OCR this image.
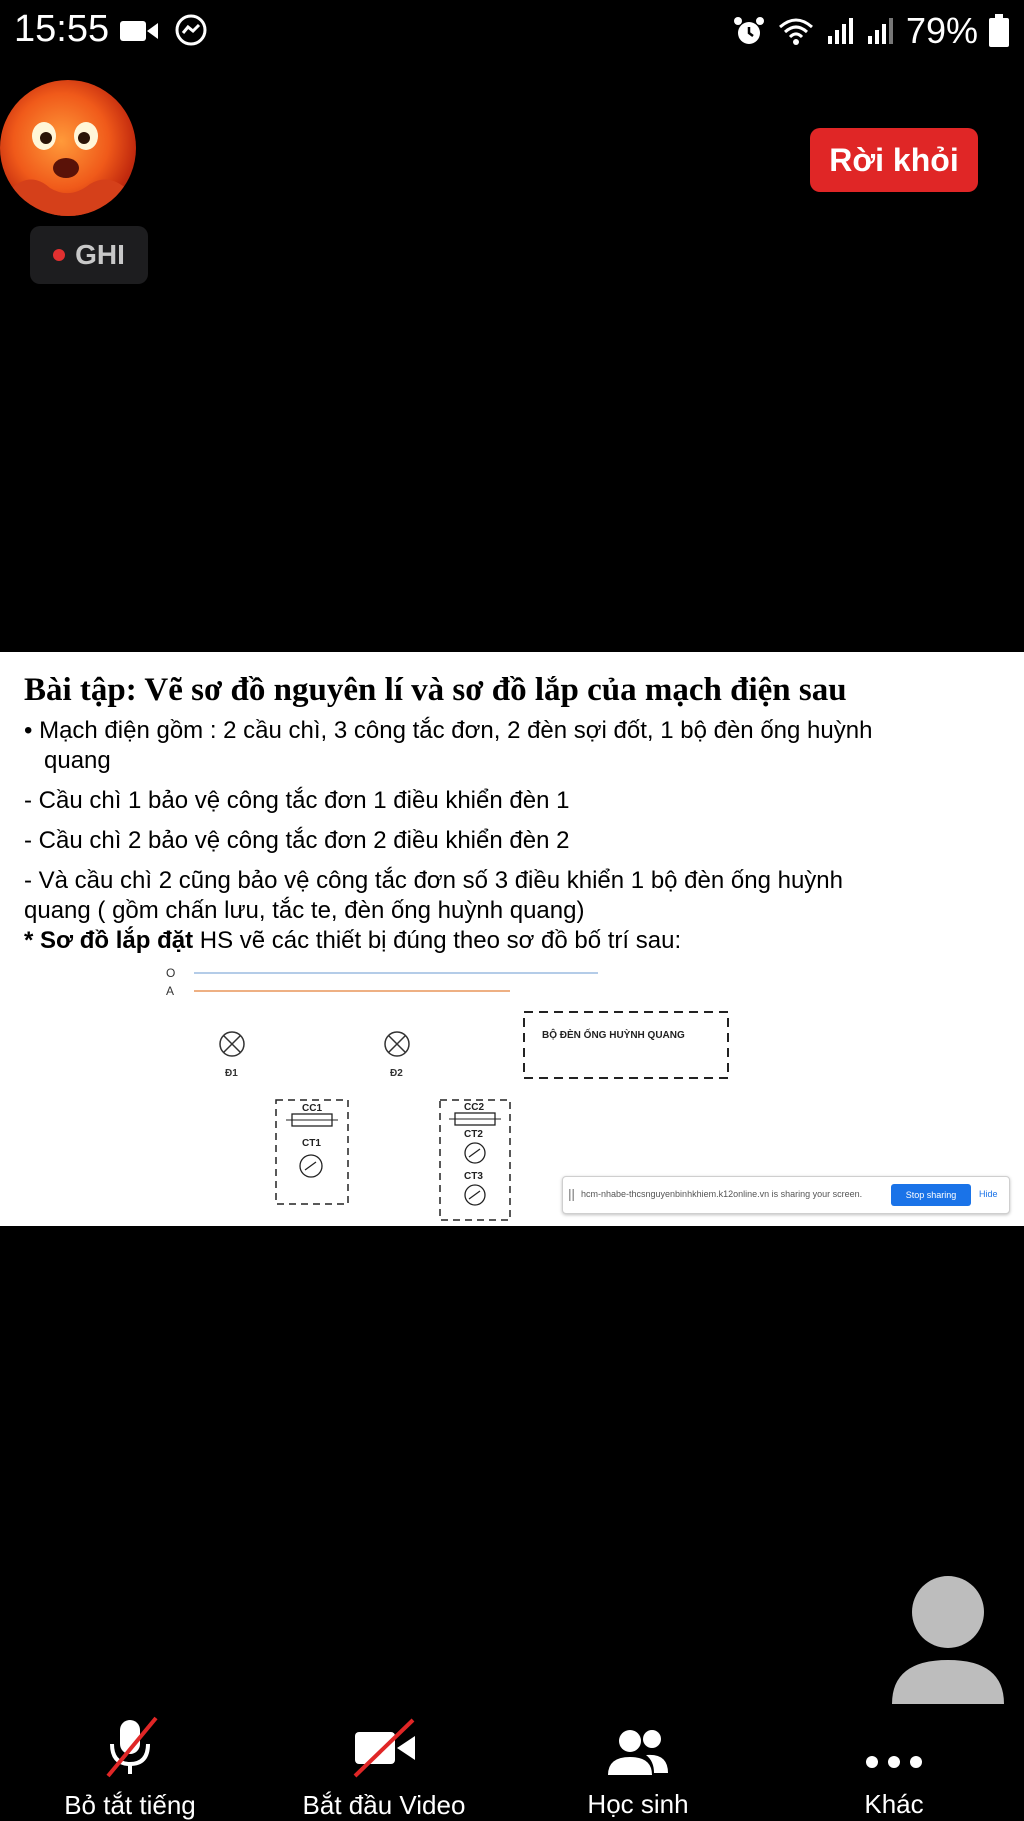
15:55	79%
GHI
Rời khỏi
Bài tập: Vẽ sơ đồ nguyên lí và sơ đồ lắp của mạch điện sau

• Mạch điện gồm : 2 cầu chì, 3 công tắc đơn, 2 đèn sợi đốt, 1 bộ đèn ống huỳnh

quang

- Cầu chì 1 bảo vệ công tắc đơn 1 điều khiển đèn 1

- Cầu chì 2 bảo vệ công tắc đơn 2 điều khiển đèn 2

- Và cầu chì 2 cũng bảo vệ công tắc đơn số 3 điều khiển 1 bộ đèn ống huỳnh

quang ( gồm chấn lưu, tắc te, đèn ống huỳnh quang)

* Sơ đồ lắp đặt HS vẽ các thiết bị đúng theo sơ đồ bố trí sau:

O
A
Đ1	Đ2
BỘ ĐÈN ỐNG HUỲNH QUANG
CC1
CT1
CC2
CT2
CT3
hcm-nhabe-thcsnguyenbinhkhiem.k12online.vn is sharing your screen.	Stop sharing	Hide
Bỏ tắt tiếng	Bắt đầu Video	Học sinh	Khác
